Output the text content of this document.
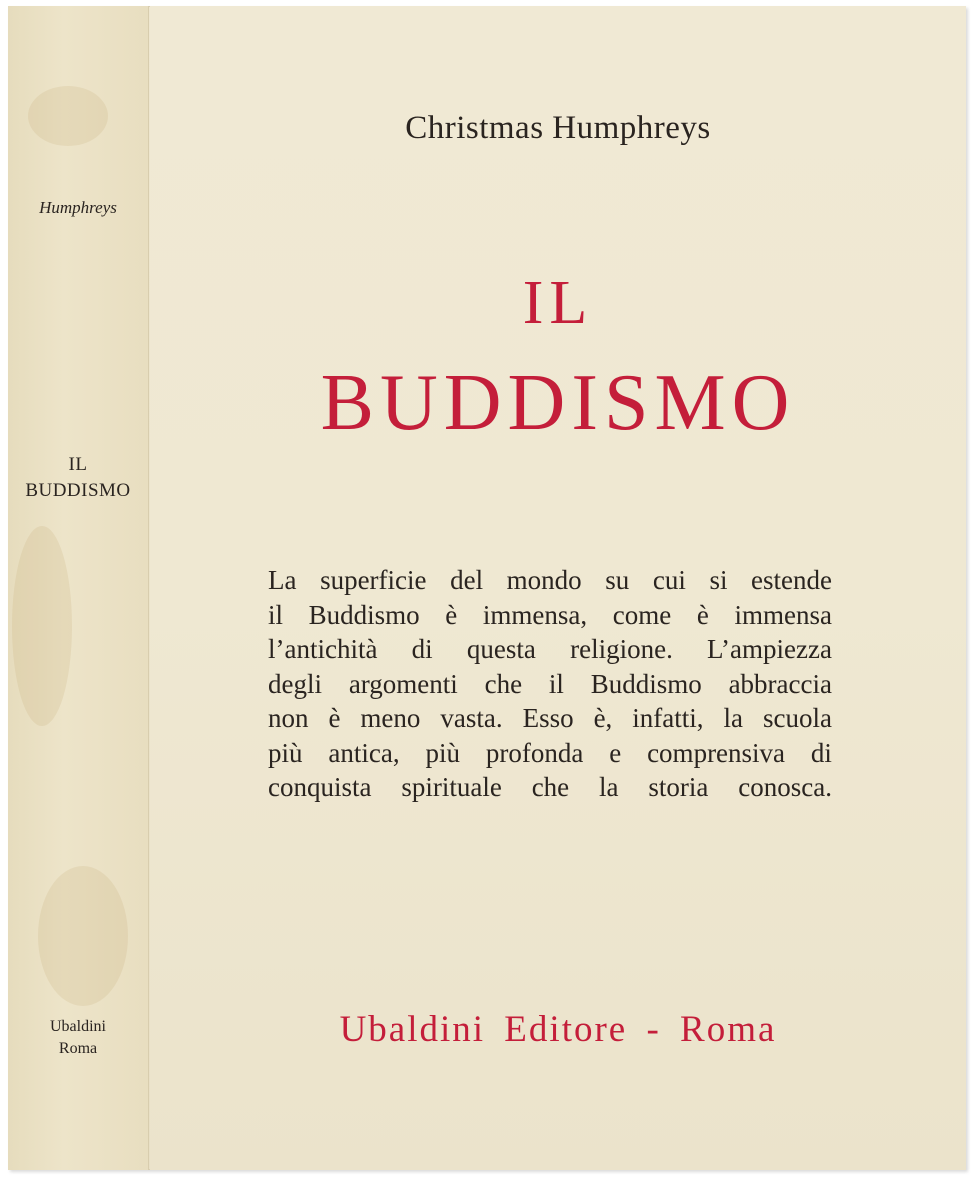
Humphreys
IL
BUDDISMO
Ubaldini
Roma
Christmas Humphreys
IL
BUDDISMO
La superficie del mondo su cui si estende
il Buddismo è immensa, come è immensa
l’antichità di questa religione. L’ampiezza
degli argomenti che il Buddismo abbraccia
non è meno vasta. Esso è, infatti, la scuola
più antica, più profonda e comprensiva di
conquista spirituale che la storia conosca.
Ubaldini Editore - Roma
